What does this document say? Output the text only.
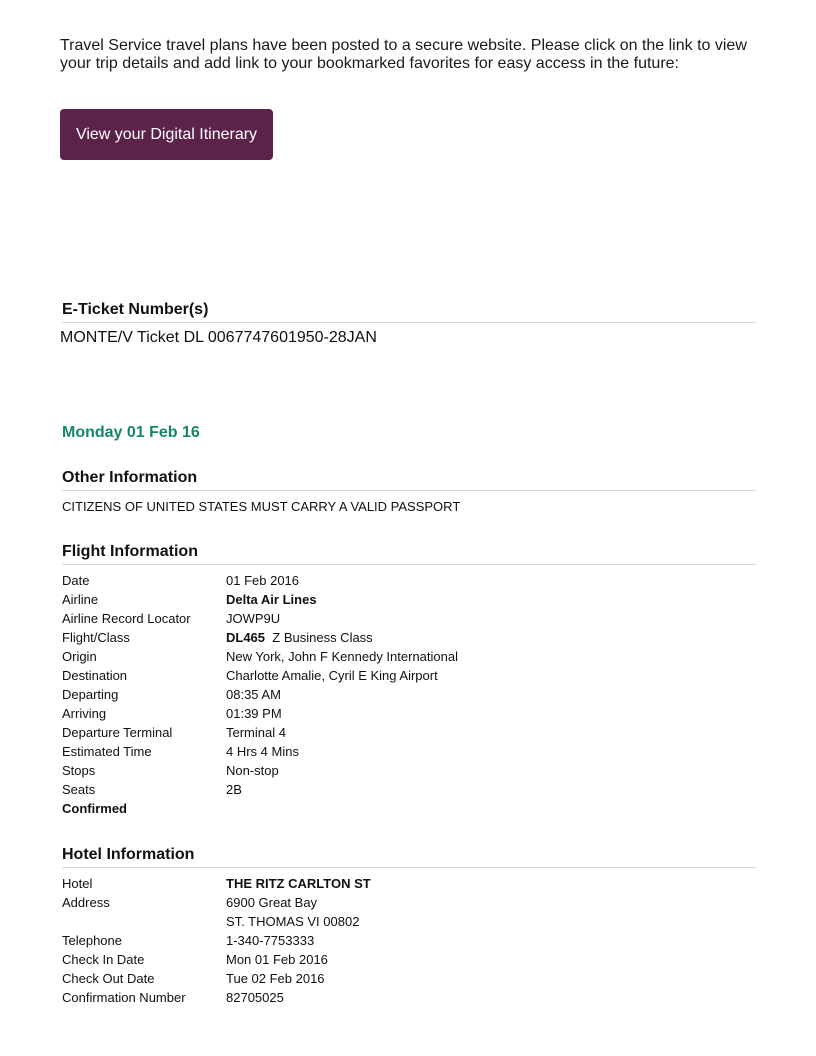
Travel Service travel plans have been posted to a secure website. Please click on the link to view your trip details and add link to your bookmarked favorites for easy access in the future:
View your Digital Itinerary
E-Ticket Number(s)
MONTE/V Ticket DL 0067747601950-28JAN
Monday 01 Feb 16
Other Information
CITIZENS OF UNITED STATES MUST CARRY A VALID PASSPORT
Flight Information
Date	01 Feb 2016
Airline	Delta Air Lines
Airline Record Locator	JOWP9U
Flight/Class	DL465 Z Business Class
Origin	New York, John F Kennedy International
Destination	Charlotte Amalie, Cyril E King Airport
Departing	08:35 AM
Arriving	01:39 PM
Departure Terminal	Terminal 4
Estimated Time	4 Hrs 4 Mins
Stops	Non-stop
Seats	2B
Confirmed
Hotel Information
Hotel	THE RITZ CARLTON ST
Address	6900 Great Bay
ST. THOMAS VI 00802
Telephone	1-340-7753333
Check In Date	Mon 01 Feb 2016
Check Out Date	Tue 02 Feb 2016
Confirmation Number	82705025
